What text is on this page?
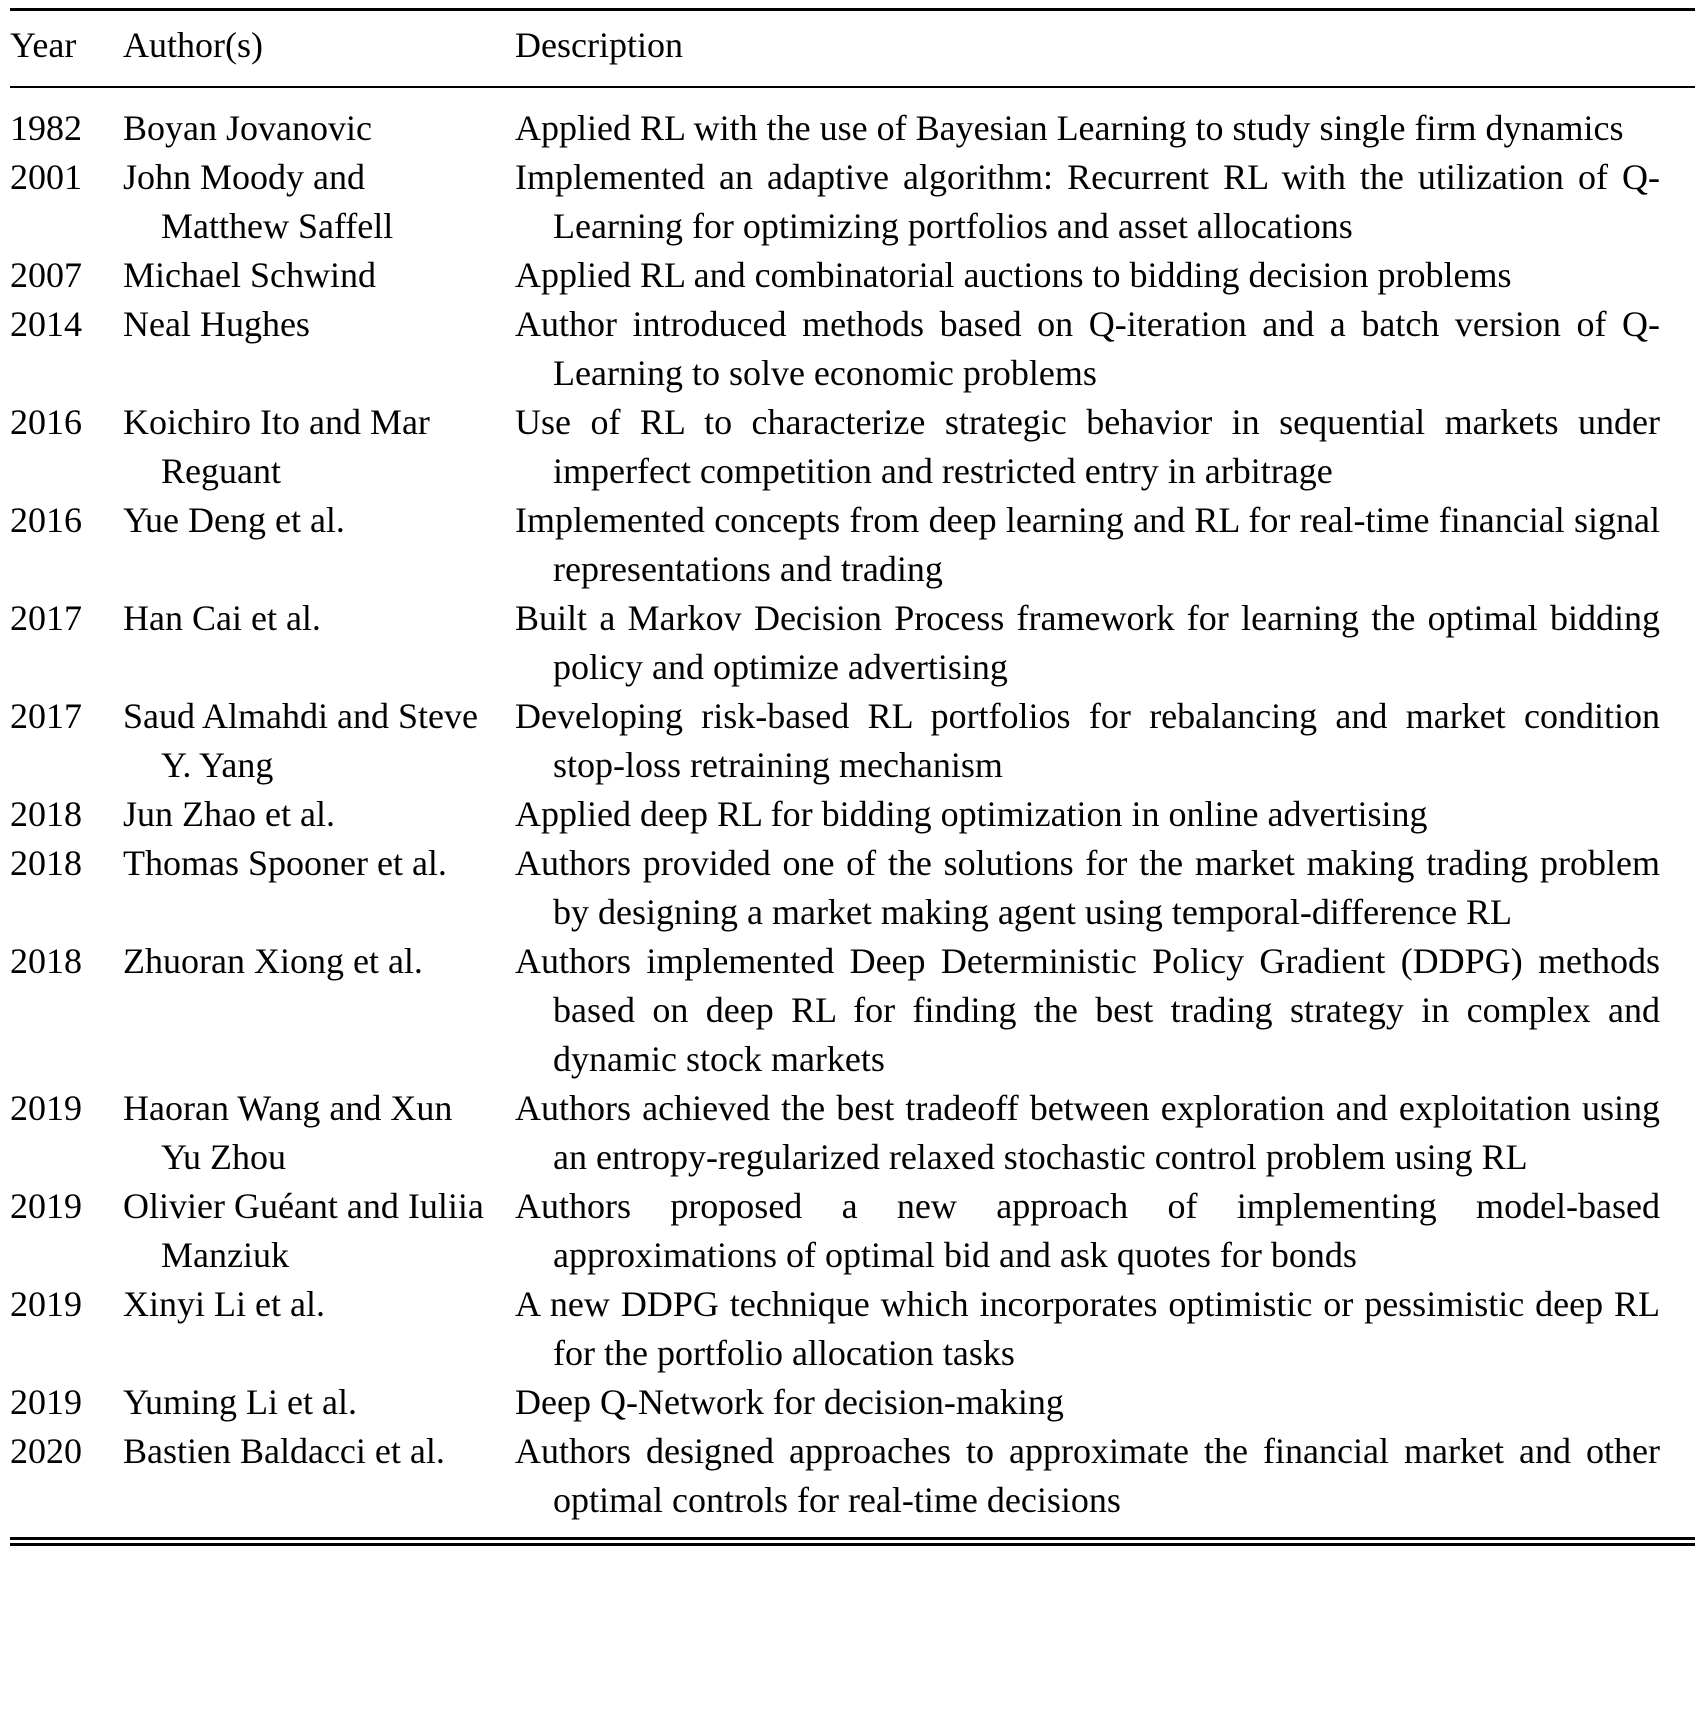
Year	Author(s)	Description
1982	Boyan Jovanovic	Applied RL with the use of Bayesian Learning to study single firm dynamics
2001	John Moody and Matthew Saffell	Implemented an adaptive algorithm: Recurrent RL with the utilization of Q-Learning for optimizing portfolios and asset allocations
2007	Michael Schwind	Applied RL and combinatorial auctions to bidding decision problems
2014	Neal Hughes	Author introduced methods based on Q-iteration and a batch version of Q-Learning to solve economic problems
2016	Koichiro Ito and Mar Reguant	Use of RL to characterize strategic behavior in sequential markets under imperfect competition and restricted entry in arbitrage
2016	Yue Deng et al.	Implemented concepts from deep learning and RL for real-time financial signal representations and trading
2017	Han Cai et al.	Built a Markov Decision Process framework for learning the optimal bidding policy and optimize advertising
2017	Saud Almahdi and Steve Y. Yang	Developing risk-based RL portfolios for rebalancing and market condition stop-loss retraining mechanism
2018	Jun Zhao et al.	Applied deep RL for bidding optimization in online advertising
2018	Thomas Spooner et al.	Authors provided one of the solutions for the market making trading problem by designing a market making agent using temporal-difference RL
2018	Zhuoran Xiong et al.	Authors implemented Deep Deterministic Policy Gradient (DDPG) methods based on deep RL for finding the best trading strategy in complex and dynamic stock markets
2019	Haoran Wang and Xun Yu Zhou	Authors achieved the best tradeoff between exploration and exploitation using an entropy-regularized relaxed stochastic control problem using RL
2019	Olivier Guéant and Iuliia Manziuk	Authors proposed a new approach of implementing model-based approximations of optimal bid and ask quotes for bonds
2019	Xinyi Li et al.	A new DDPG technique which incorporates optimistic or pessimistic deep RL for the portfolio allocation tasks
2019	Yuming Li et al.	Deep Q-Network for decision-making
2020	Bastien Baldacci et al.	Authors designed approaches to approximate the financial market and other optimal controls for real-time decisions
